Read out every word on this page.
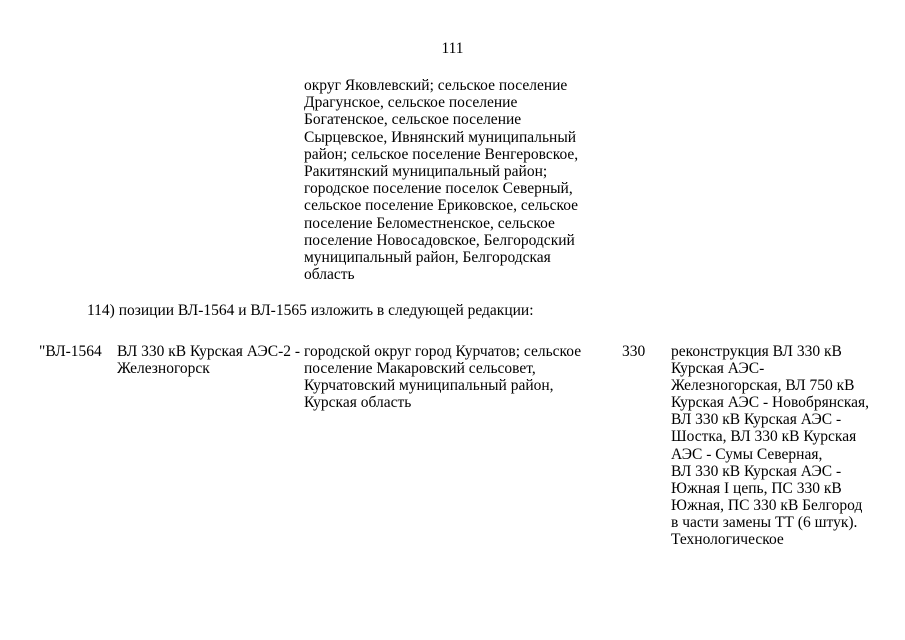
111
округ Яковлевский; сельское поселение
Драгунское, сельское поселение
Богатенское, сельское поселение
Сырцевское, Ивнянский муниципальный
район; сельское поселение Венгеровское,
Ракитянский муниципальный район;
городское поселение поселок Северный,
сельское поселение Ериковское, сельское
поселение Беломестненское, сельское
поселение Новосадовское, Белгородский
муниципальный район, Белгородская
область
114) позиции ВЛ-1564 и ВЛ-1565 изложить в следующей редакции:
"ВЛ-1564 ВЛ 330 кВ Курская АЭС-2 -
Железногорск
городской округ город Курчатов; сельское
поселение Макаровский сельсовет,
Курчатовский муниципальный район,
Курская область
330 реконструкция ВЛ 330 кВ
Курская АЭС-
Железногорская, ВЛ 750 кВ
Курская АЭС - Новобрянская,
ВЛ 330 кВ Курская АЭС -
Шостка, ВЛ 330 кВ Курская
АЭС - Сумы Северная,
ВЛ 330 кВ Курская АЭС -
Южная I цепь, ПС 330 кВ
Южная, ПС 330 кВ Белгород
в части замены ТТ (6 штук).
Технологическое
